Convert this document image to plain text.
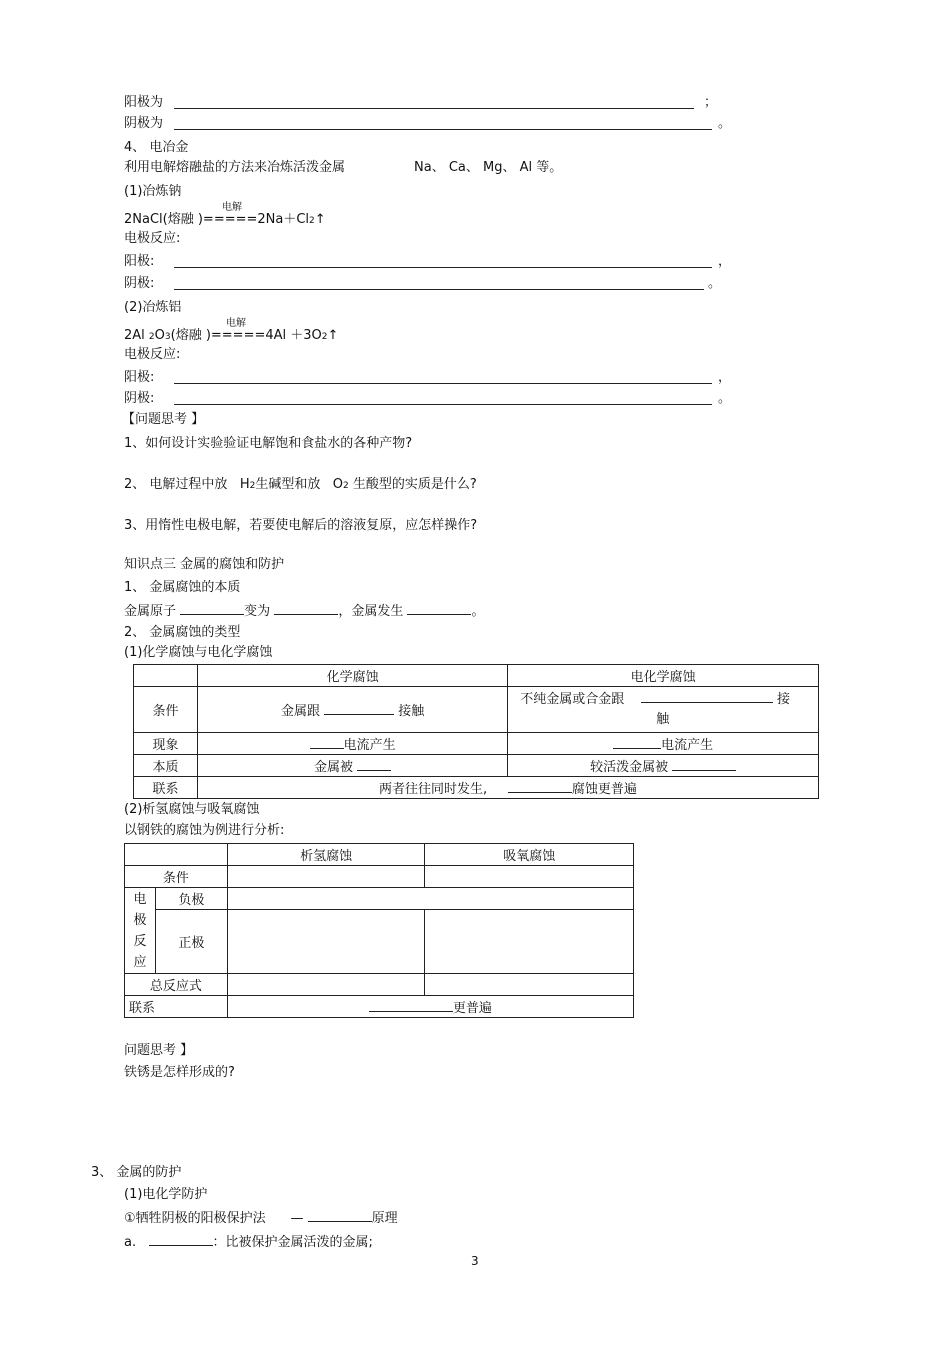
阳极为	；
阴极为	。
4、 电冶金
利用电解熔融盐的方法来冶炼活泼金属	Na、 Ca、 Mg、 Al 等。
(1)冶炼钠
电解
2NaCl(熔融 )=====2Na＋Cl2↑
电极反应:
阳极:	，
阴极:	。
(2)冶炼铝
电解
2Al 2O3(熔融 )=====4Al ＋3O2↑
电极反应:
阳极:	，
阴极:	。
【问题思考 】
1、如何设计实验验证电解饱和食盐水的各种产物?
2、 电解过程中放 H2生碱型和放 O2 生酸型的实质是什么?
3、用惰性电极电解，若要使电解后的溶液复原，应怎样操作?
知识点三 金属的腐蚀和防护
1、 金属腐蚀的本质
金属原子	变为	，金属发生	。
2、 金属腐蚀的类型
(1)化学腐蚀与电化学腐蚀
	化学腐蚀	电化学腐蚀
条件	金属跟 接触	不纯金属或合金跟 接
触
现象	电流产生	电流产生
本质	金属被	较活泼金属被
联系	两者往往同时发生, 腐蚀更普遍	
(2)析氢腐蚀与吸氧腐蚀
以钢铁的腐蚀为例进行分析:
		析氢腐蚀	吸氧腐蚀
条件			
电
极
反
应	负极		
	正极		
总反应式			
联系		更普遍	
问题思考 】
铁锈是怎样形成的?
3、 金属的防护
(1)电化学防护
①牺牲阴极的阳极保护法 —	原理
a.	：比被保护金属活泼的金属;
3
